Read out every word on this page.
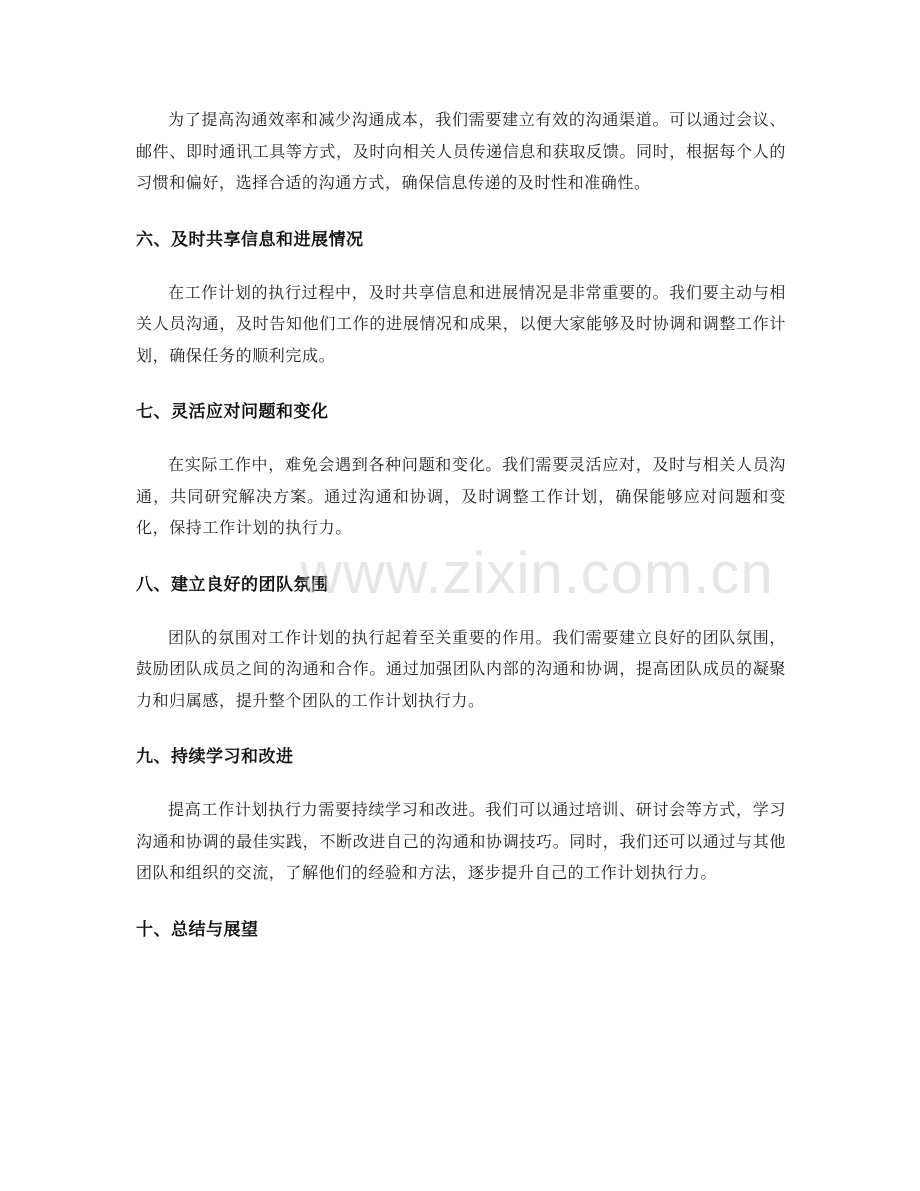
为了提高沟通效率和减少沟通成本，我们需要建立有效的沟通渠道。可以通过会议、邮件、即时通讯工具等方式，及时向相关人员传递信息和获取反馈。同时，根据每个人的习惯和偏好，选择合适的沟通方式，确保信息传递的及时性和准确性。

六、及时共享信息和进展情况

在工作计划的执行过程中，及时共享信息和进展情况是非常重要的。我们要主动与相关人员沟通，及时告知他们工作的进展情况和成果，以便大家能够及时协调和调整工作计划，确保任务的顺利完成。

七、灵活应对问题和变化

在实际工作中，难免会遇到各种问题和变化。我们需要灵活应对，及时与相关人员沟通，共同研究解决方案。通过沟通和协调，及时调整工作计划，确保能够应对问题和变化，保持工作计划的执行力。

八、建立良好的团队氛围

团队的氛围对工作计划的执行起着至关重要的作用。我们需要建立良好的团队氛围，鼓励团队成员之间的沟通和合作。通过加强团队内部的沟通和协调，提高团队成员的凝聚力和归属感，提升整个团队的工作计划执行力。

九、持续学习和改进

提高工作计划执行力需要持续学习和改进。我们可以通过培训、研讨会等方式，学习沟通和协调的最佳实践，不断改进自己的沟通和协调技巧。同时，我们还可以通过与其他团队和组织的交流，了解他们的经验和方法，逐步提升自己的工作计划执行力。

十、总结与展望
www.zixin.com.cn
